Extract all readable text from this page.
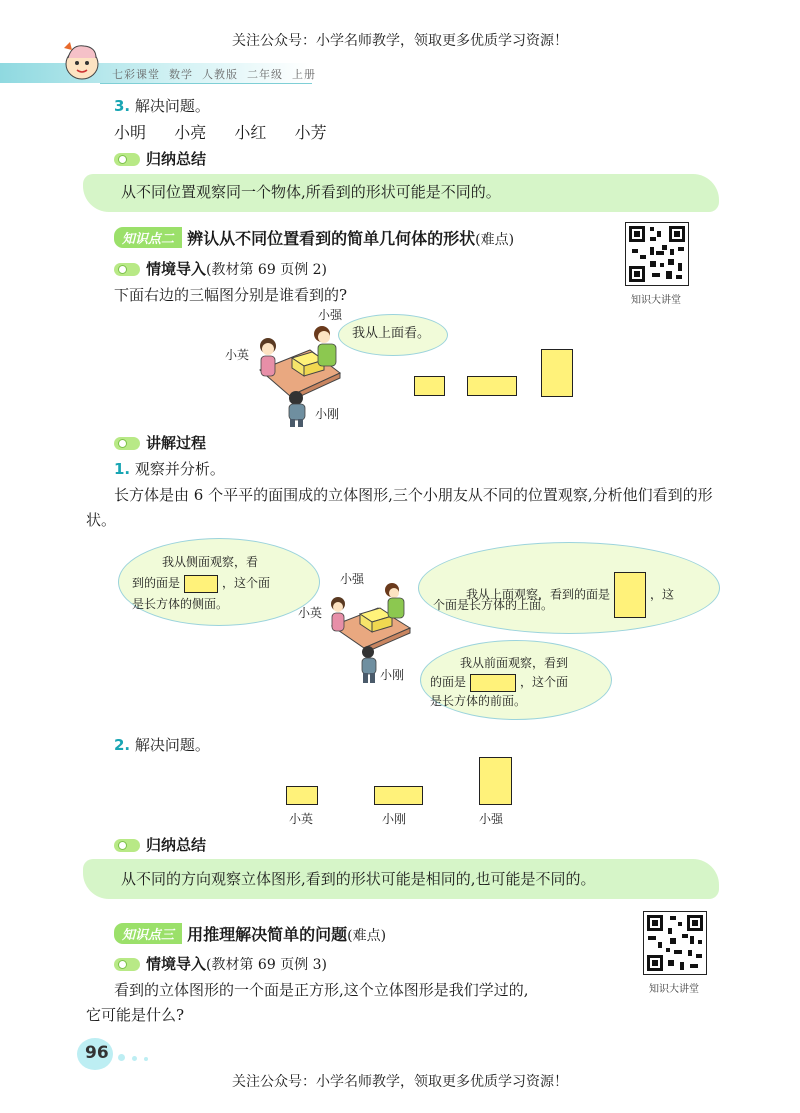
关注公众号：小学名师教学，领取更多优质学习资源！
七彩课堂 数学 人教版 二年级 上册
3. 解决问题。
小明 小亮 小红 小芳
归纳总结
从不同位置观察同一个物体,所看到的形状可能是不同的。
知识点二 辨认从不同位置看到的简单几何体的形状(难点)
知识大讲堂
情境导入(教材第 69 页例 2)
下面右边的三幅图分别是谁看到的?
小强
小英
小刚
我从上面看。
讲解过程
1. 观察并分析。
长方体是由 6 个平平的面围成的立体图形,三个小朋友从不同的位置观察,分析他们看到的形状。
我从侧面观察，看
到的面是	，这个面
是长方体的侧面。
我从上面观察，看到的面是	，这
个面是长方体的上面。
我从前面观察，看到
的面是	，这个面
是长方体的前面。
小强
小英
小刚
2. 解决问题。
小英	小刚	小强
归纳总结
从不同的方向观察立体图形,看到的形状可能是相同的,也可能是不同的。
知识点三 用推理解决简单的问题(难点)
知识大讲堂
情境导入(教材第 69 页例 3)
看到的立体图形的一个面是正方形,这个立体图形是我们学过的,
它可能是什么?
96
关注公众号：小学名师教学，领取更多优质学习资源！
